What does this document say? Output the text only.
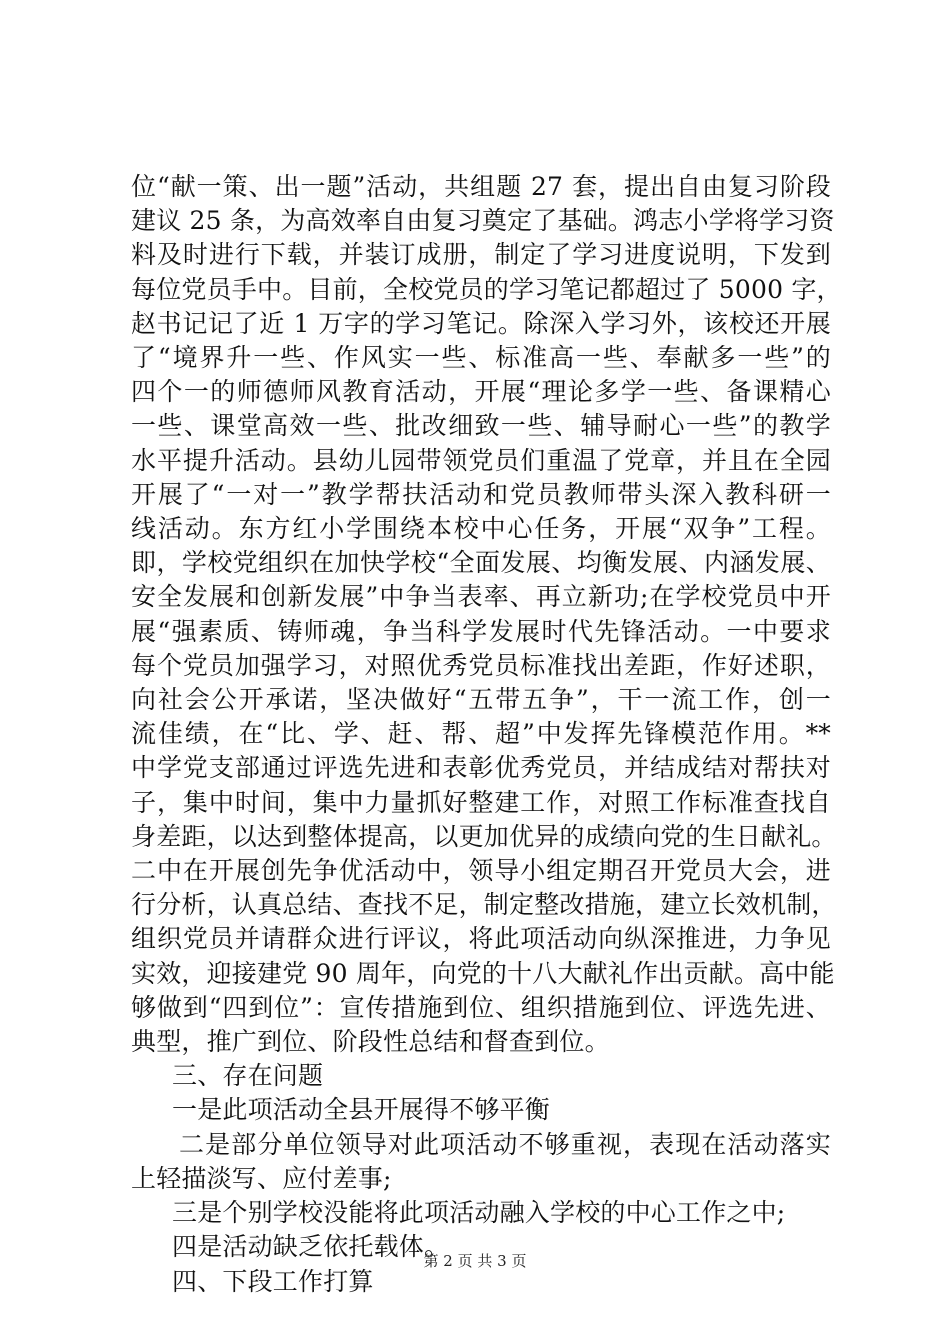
位“献一策、出一题”活动，共组题 27 套，提出自由复习阶段
建议 25 条，为高效率自由复习奠定了基础。鸿志小学将学习资
料及时进行下载，并装订成册，制定了学习进度说明，下发到
每位党员手中。目前，全校党员的学习笔记都超过了 5000 字，
赵书记记了近 1 万字的学习笔记。除深入学习外，该校还开展
了“境界升一些、作风实一些、标准高一些、奉献多一些”的
四个一的师德师风教育活动，开展“理论多学一些、备课精心
一些、课堂高效一些、批改细致一些、辅导耐心一些”的教学
水平提升活动。县幼儿园带领党员们重温了党章，并且在全园
开展了“一对一”教学帮扶活动和党员教师带头深入教科研一
线活动。东方红小学围绕本校中心任务，开展“双争”工程。
即，学校党组织在加快学校“全面发展、均衡发展、内涵发展、
安全发展和创新发展”中争当表率、再立新功;在学校党员中开
展“强素质、铸师魂，争当科学发展时代先锋活动。一中要求
每个党员加强学习，对照优秀党员标准找出差距，作好述职，
向社会公开承诺，坚决做好“五带五争”，干一流工作，创一
流佳绩，在“比、学、赶、帮、超”中发挥先锋模范作用。**
中学党支部通过评选先进和表彰优秀党员，并结成结对帮扶对
子，集中时间，集中力量抓好整建工作，对照工作标准查找自
身差距，以达到整体提高，以更加优异的成绩向党的生日献礼。
二中在开展创先争优活动中，领导小组定期召开党员大会，进
行分析，认真总结、查找不足，制定整改措施，建立长效机制，
组织党员并请群众进行评议，将此项活动向纵深推进，力争见
实效，迎接建党 90 周年，向党的十八大献礼作出贡献。高中能
够做到“四到位”：宣传措施到位、组织措施到位、评选先进、
典型，推广到位、阶段性总结和督查到位。
三、存在问题
一是此项活动全县开展得不够平衡
二是部分单位领导对此项活动不够重视，表现在活动落实
上轻描淡写、应付差事;
三是个别学校没能将此项活动融入学校的中心工作之中;
四是活动缺乏依托载体。
四、下段工作打算
第 2 页 共 3 页
